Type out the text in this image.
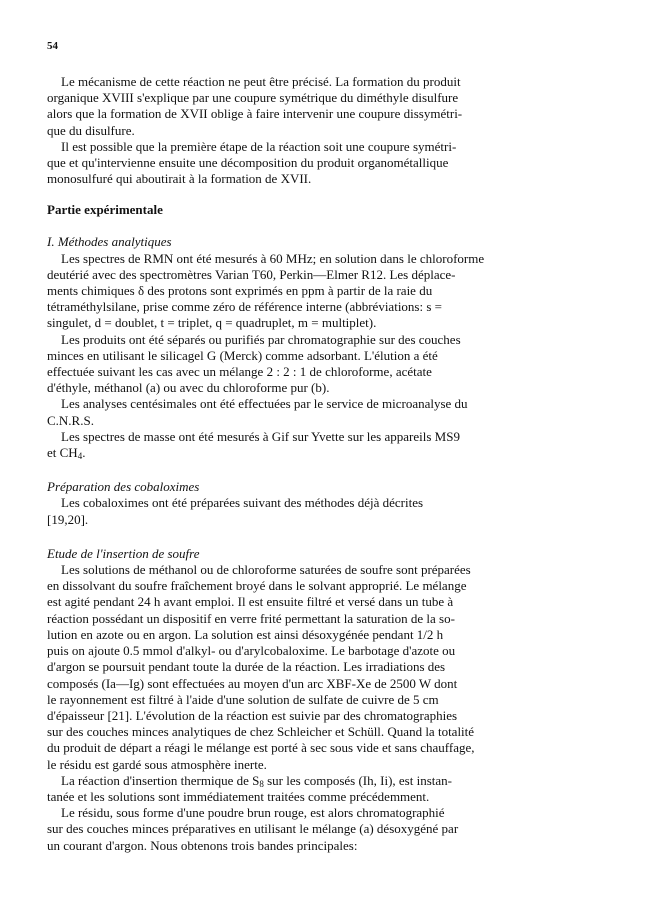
54

Le mécanisme de cette réaction ne peut être précisé. La formation du produit
organique XVIII s'explique par une coupure symétrique du diméthyle disulfure
alors que la formation de XVII oblige à faire intervenir une coupure dissymétri-
que du disulfure.

Il est possible que la première étape de la réaction soit une coupure symétri-
que et qu'intervienne ensuite une décomposition du produit organométallique
monosulfuré qui aboutirait à la formation de XVII.

Partie expérimentale
I. Méthodes analytiques

Les spectres de RMN ont été mesurés à 60 MHz; en solution dans le chloroforme
deutérié avec des spectromètres Varian T60, Perkin—Elmer R12. Les déplace-
ments chimiques δ des protons sont exprimés en ppm à partir de la raie du
tétraméthylsilane, prise comme zéro de référence interne (abbréviations: s =
singulet, d = doublet, t = triplet, q = quadruplet, m = multiplet).

Les produits ont été séparés ou purifiés par chromatographie sur des couches
minces en utilisant le silicagel G (Merck) comme adsorbant. L'élution a été
effectuée suivant les cas avec un mélange 2 : 2 : 1 de chloroforme, acétate
d'éthyle, méthanol (a) ou avec du chloroforme pur (b).

Les analyses centésimales ont été effectuées par le service de microanalyse du
C.N.R.S.

Les spectres de masse ont été mesurés à Gif sur Yvette sur les appareils MS9
et $CH_4$.

Préparation des cobaloximes

Les cobaloximes ont été préparées suivant des méthodes déjà décrites
[19,20].

Etude de l'insertion de soufre

Les solutions de méthanol ou de chloroforme saturées de soufre sont préparées
en dissolvant du soufre fraîchement broyé dans le solvant approprié. Le mélange
est agité pendant 24 h avant emploi. Il est ensuite filtré et versé dans un tube à
réaction possédant un dispositif en verre frité permettant la saturation de la so-
lution en azote ou en argon. La solution est ainsi désoxygénée pendant 1/2 h
puis on ajoute 0.5 mmol d'alkyl- ou d'arylcobaloxime. Le barbotage d'azote ou
d'argon se poursuit pendant toute la durée de la réaction. Les irradiations des
composés (Ia—Ig) sont effectuées au moyen d'un arc XBF-Xe de 2500 W dont
le rayonnement est filtré à l'aide d'une solution de sulfate de cuivre de 5 cm
d'épaisseur [21]. L'évolution de la réaction est suivie par des chromatographies
sur des couches minces analytiques de chez Schleicher et Schüll. Quand la totalité
du produit de départ a réagi le mélange est porté à sec sous vide et sans chauffage,
le résidu est gardé sous atmosphère inerte.

La réaction d'insertion thermique de $S_8$ sur les composés (Ih, Ii), est instan-
tanée et les solutions sont immédiatement traitées comme précédemment.

Le résidu, sous forme d'une poudre brun rouge, est alors chromatographié
sur des couches minces préparatives en utilisant le mélange (a) désoxygéné par
un courant d'argon. Nous obtenons trois bandes principales:
